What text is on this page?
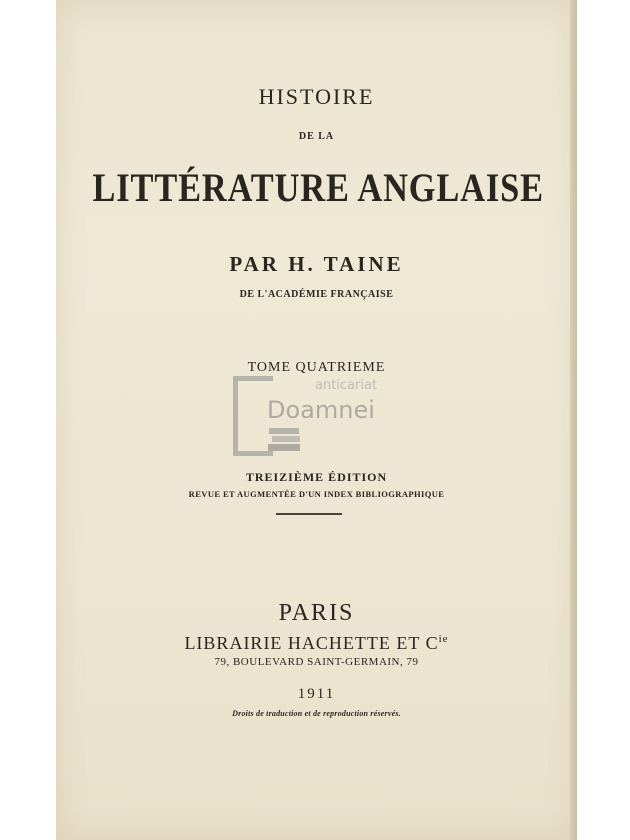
HISTOIRE
DE LA
LITTÉRATURE ANGLAISE
PAR H. TAINE
DE L'ACADÉMIE FRANÇAISE
TOME QUATRIEME
anticariat
Doamnei
TREIZIÈME ÉDITION
REVUE ET AUGMENTÉE D'UN INDEX BIBLIOGRAPHIQUE
PARIS
LIBRAIRIE HACHETTE ET $C^{ie}$
79, BOULEVARD SAINT-GERMAIN, 79
1911
Droits de traduction et de reproduction réservés.
